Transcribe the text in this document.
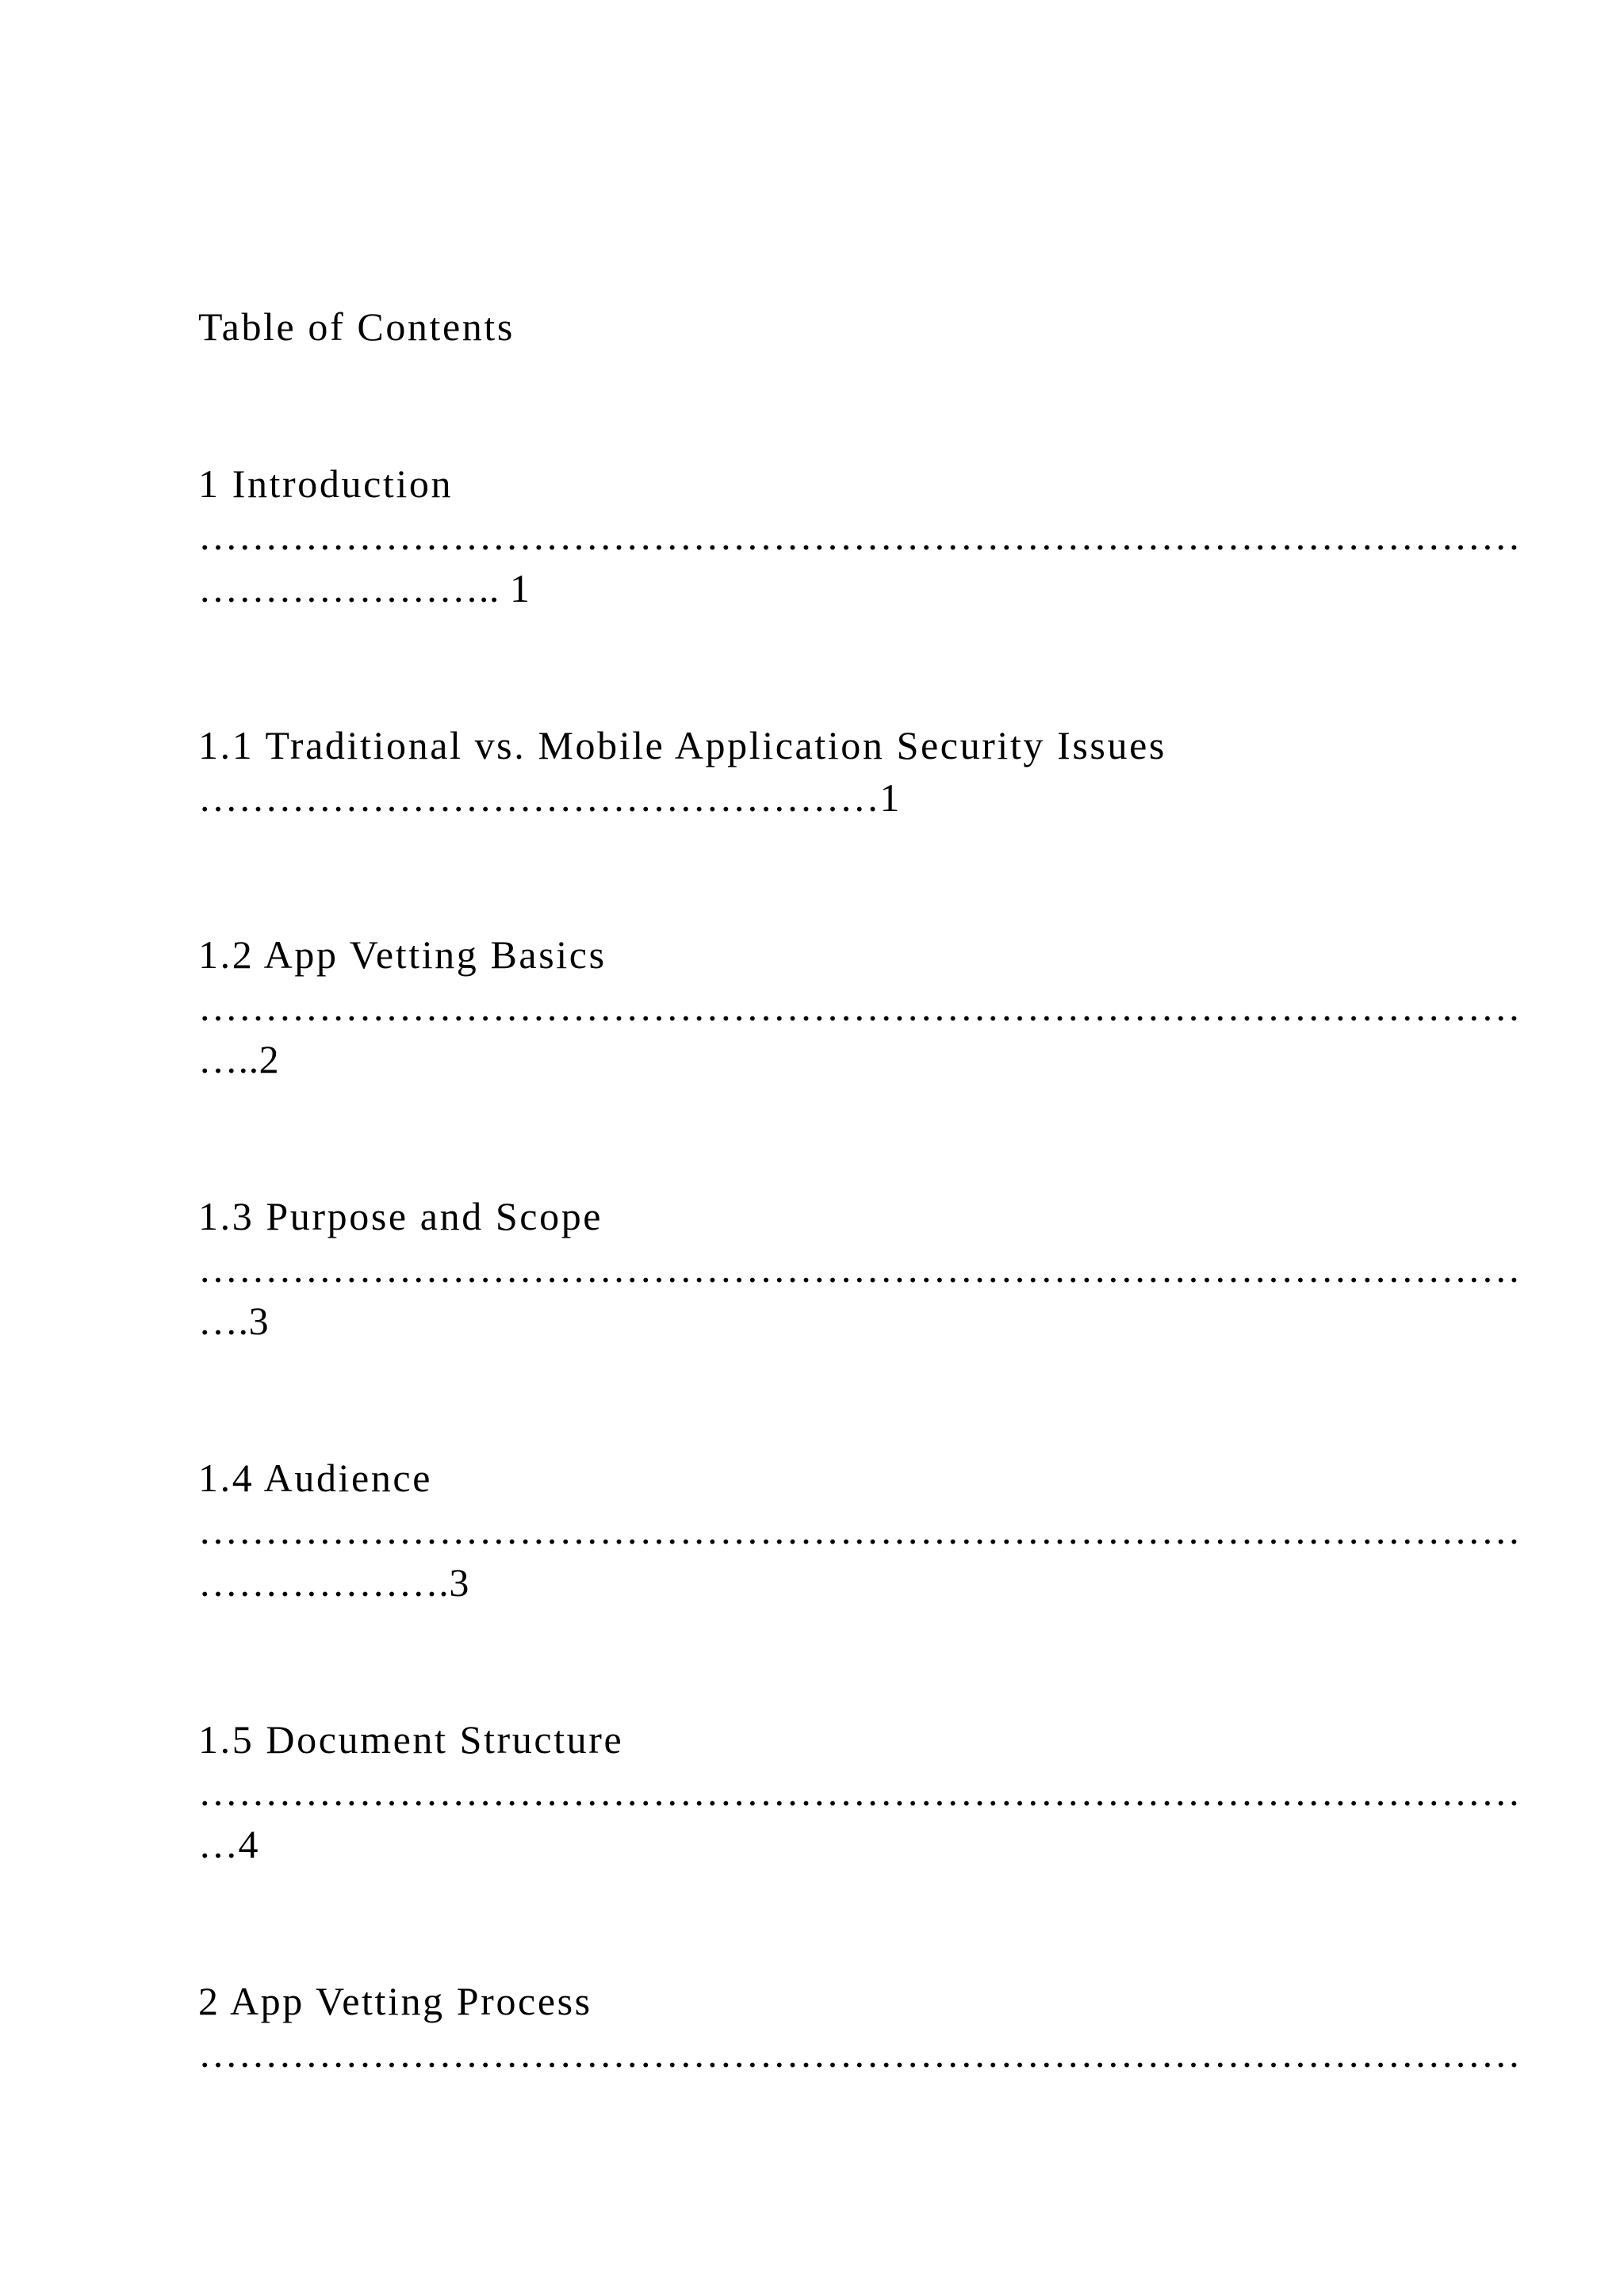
Table of Contents

1 Introduction

………………………………………………………………………………………

………………….. 1

1.1 Traditional vs. Mobile Application Security Issues

……………………………………………1

1.2 App Vetting Basics

………………………………………………………………………………………

…..2

1.3 Purpose and Scope

………………………………………………………………………………………

….3

1.4 Audience

………………………………………………………………………………………

……………….3

1.5 Document Structure

………………………………………………………………………………………

…4

2 App Vetting Process

………………………………………………………………………………………
